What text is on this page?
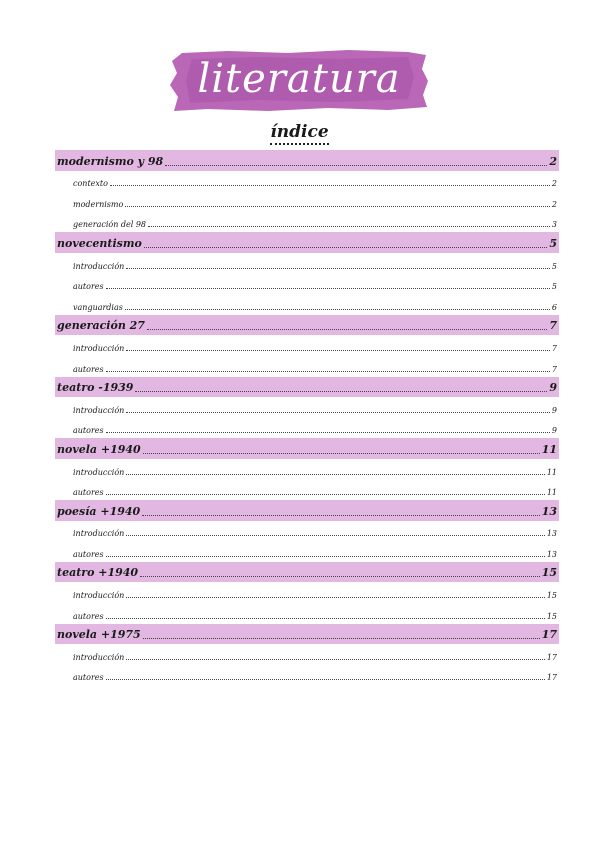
literatura
índice
modernismo y 98	2
contexto	2
modernismo	2
generación del 98	3
novecentismo	5
introducción	5
autores	5
vanguardias	6
generación 27	7
introducción	7
autores	7
teatro -1939	9
introducción	9
autores	9
novela +1940	11
introducción	11
autores	11
poesía +1940	13
introducción	13
autores	13
teatro +1940	15
introducción	15
autores	15
novela +1975	17
introducción	17
autores	17
